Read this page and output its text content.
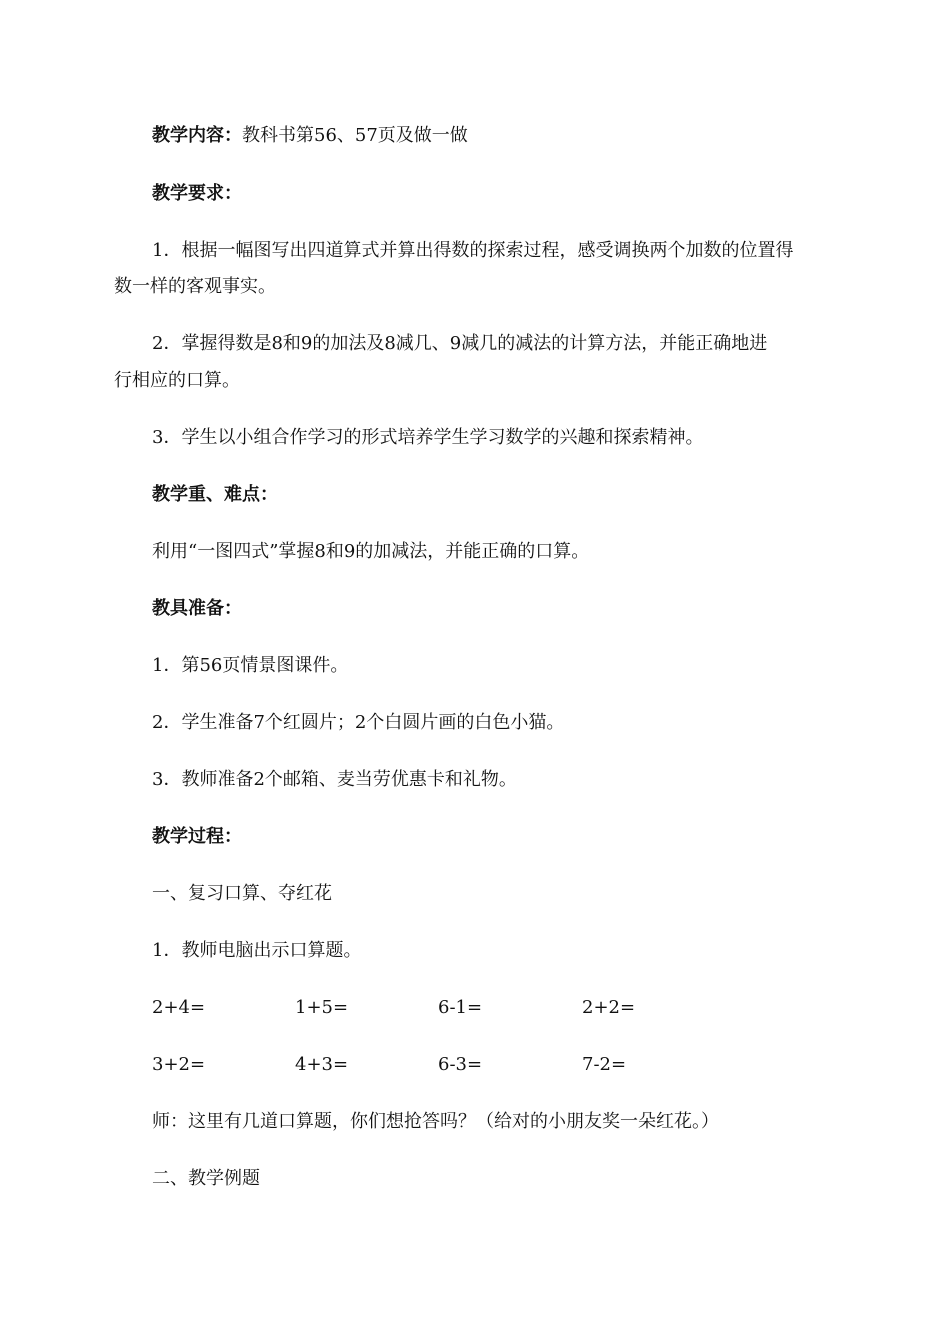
教学内容：教科书第56、57页及做一做
教学要求：
1．根据一幅图写出四道算式并算出得数的探索过程，感受调换两个加数的位置得
数一样的客观事实。
2．掌握得数是8和9的加法及8减几、9减几的减法的计算方法，并能正确地进
行相应的口算。
3．学生以小组合作学习的形式培养学生学习数学的兴趣和探索精神。
教学重、难点：
利用“一图四式”掌握8和9的加减法，并能正确的口算。
教具准备：
1．第56页情景图课件。
2．学生准备7个红圆片；2个白圆片画的白色小猫。
3．教师准备2个邮箱、麦当劳优惠卡和礼物。
教学过程：
一、复习口算、夺红花
1．教师电脑出示口算题。
2+4=	1+5=	6-1=	2+2=
3+2=	4+3=	6-3=	7-2=
师：这里有几道口算题，你们想抢答吗？（给对的小朋友奖一朵红花。）
二、教学例题
